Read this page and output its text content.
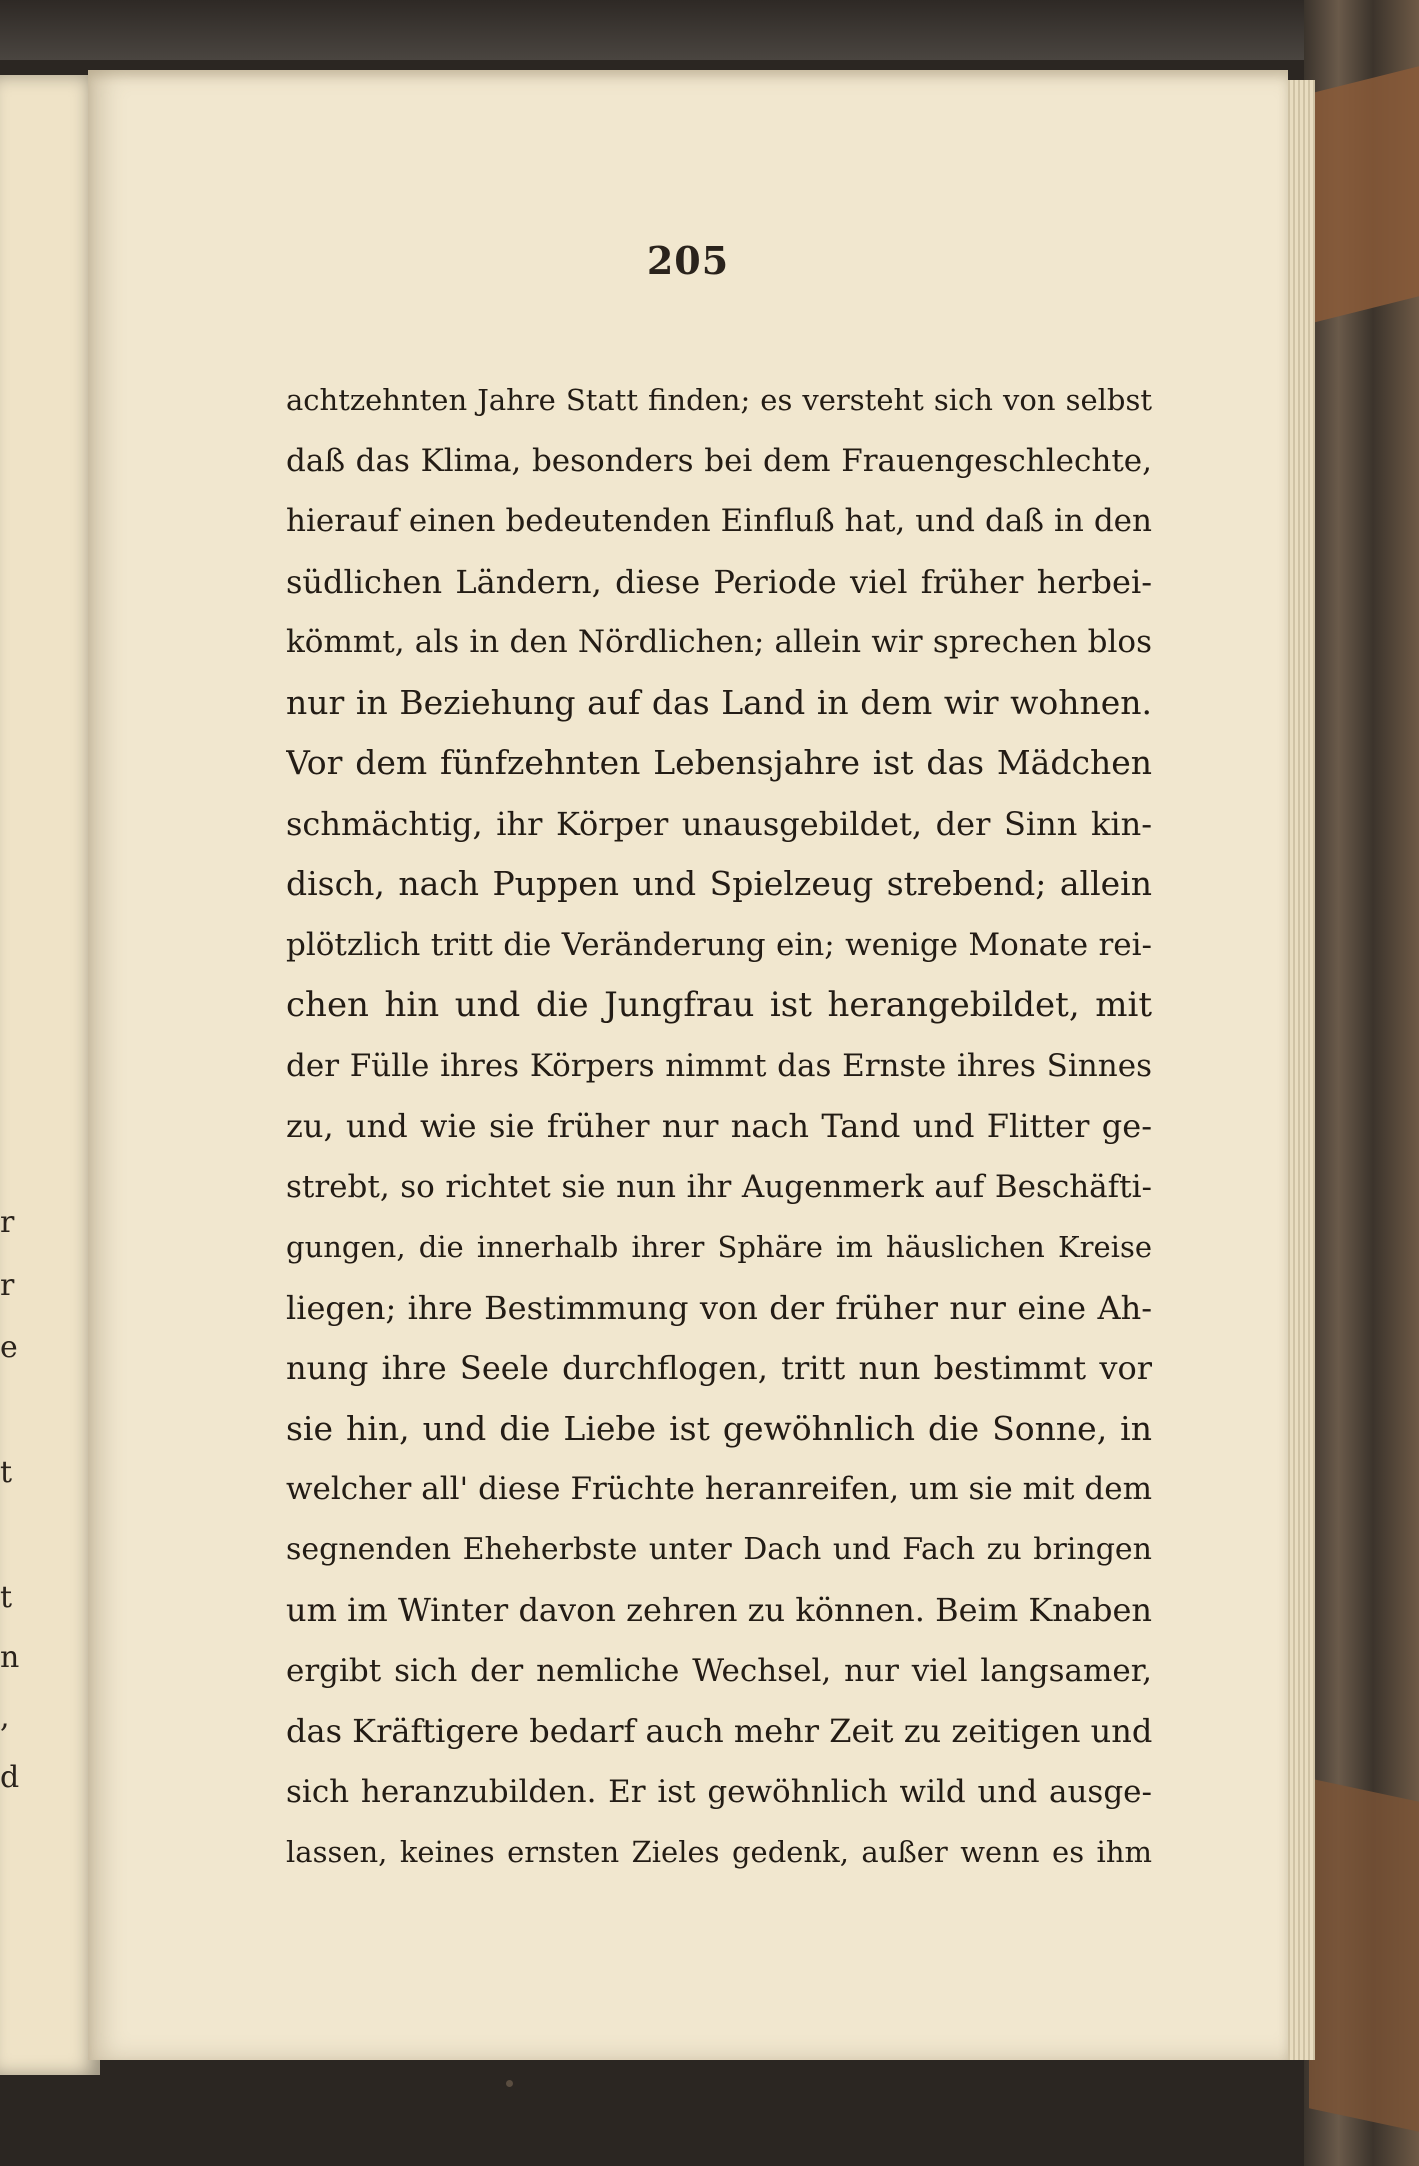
r
r
e
t
t
n
,
d
205
achtzehnten Jahre Statt finden; es versteht sich von selbst
daß das Klima, besonders bei dem Frauengeschlechte,
hierauf einen bedeutenden Einfluß hat, und daß in den
südlichen Ländern, diese Periode viel früher herbei-
kömmt, als in den Nördlichen; allein wir sprechen blos
nur in Beziehung auf das Land in dem wir wohnen.
Vor dem fünfzehnten Lebensjahre ist das Mädchen
schmächtig, ihr Körper unausgebildet, der Sinn kin-
disch, nach Puppen und Spielzeug strebend; allein
plötzlich tritt die Veränderung ein; wenige Monate rei-
chen hin und die Jungfrau ist herangebildet, mit
der Fülle ihres Körpers nimmt das Ernste ihres Sinnes
zu, und wie sie früher nur nach Tand und Flitter ge-
strebt, so richtet sie nun ihr Augenmerk auf Beschäfti-
gungen, die innerhalb ihrer Sphäre im häuslichen Kreise
liegen; ihre Bestimmung von der früher nur eine Ah-
nung ihre Seele durchflogen, tritt nun bestimmt vor
sie hin, und die Liebe ist gewöhnlich die Sonne, in
welcher all' diese Früchte heranreifen, um sie mit dem
segnenden Eheherbste unter Dach und Fach zu bringen
um im Winter davon zehren zu können. Beim Knaben
ergibt sich der nemliche Wechsel, nur viel langsamer,
das Kräftigere bedarf auch mehr Zeit zu zeitigen und
sich heranzubilden. Er ist gewöhnlich wild und ausge-
lassen, keines ernsten Zieles gedenk, außer wenn es ihm
